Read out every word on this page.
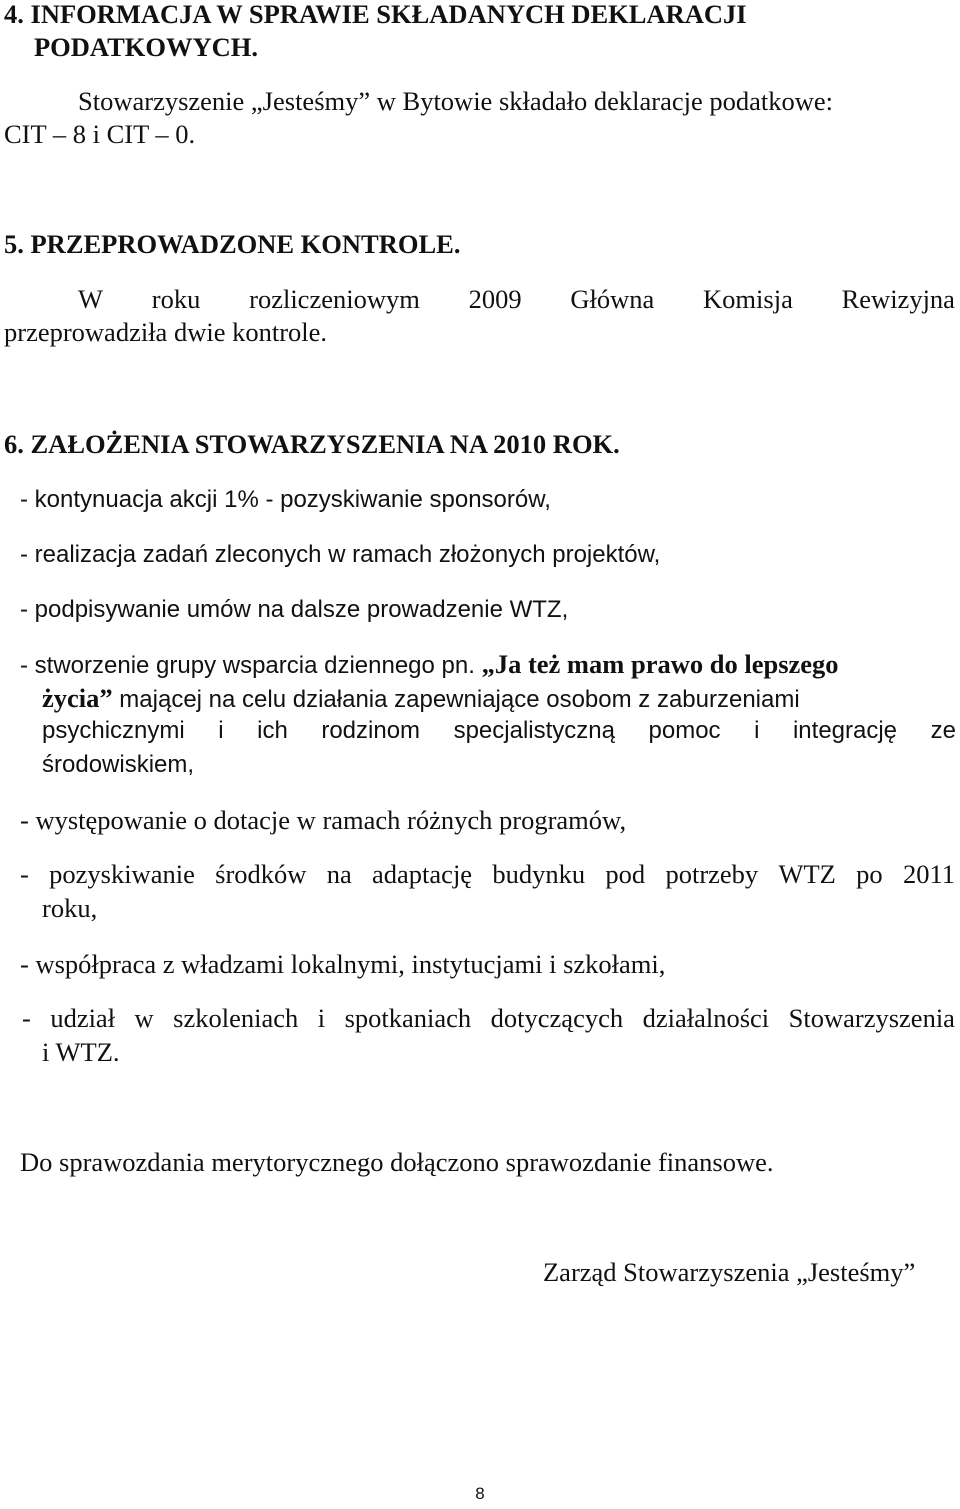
4. INFORMACJA W SPRAWIE SKŁADANYCH DEKLARACJI
PODATKOWYCH.
Stowarzyszenie „Jesteśmy” w Bytowie składało deklaracje podatkowe:
CIT – 8 i CIT – 0.
5. PRZEPROWADZONE KONTROLE.
W roku rozliczeniowym 2009 Główna Komisja Rewizyjna
przeprowadziła dwie kontrole.
6. ZAŁOŻENIA STOWARZYSZENIA NA 2010 ROK.
- kontynuacja akcji 1% - pozyskiwanie sponsorów,
- realizacja zadań zleconych w ramach złożonych projektów,
- podpisywanie umów na dalsze prowadzenie WTZ,
- stworzenie grupy wsparcia dziennego pn. „Ja też mam prawo do lepszego
życia” mającej na celu działania zapewniające osobom z zaburzeniami
psychicznymi i ich rodzinom specjalistyczną pomoc i integrację ze
środowiskiem,
- występowanie o dotacje w ramach różnych programów,
- pozyskiwanie środków na adaptację budynku pod potrzeby WTZ po 2011
roku,
- współpraca z władzami lokalnymi, instytucjami i szkołami,
- udział w szkoleniach i spotkaniach dotyczących działalności Stowarzyszenia
i WTZ.
Do sprawozdania merytorycznego dołączono sprawozdanie finansowe.
Zarząd Stowarzyszenia „Jesteśmy”
8
